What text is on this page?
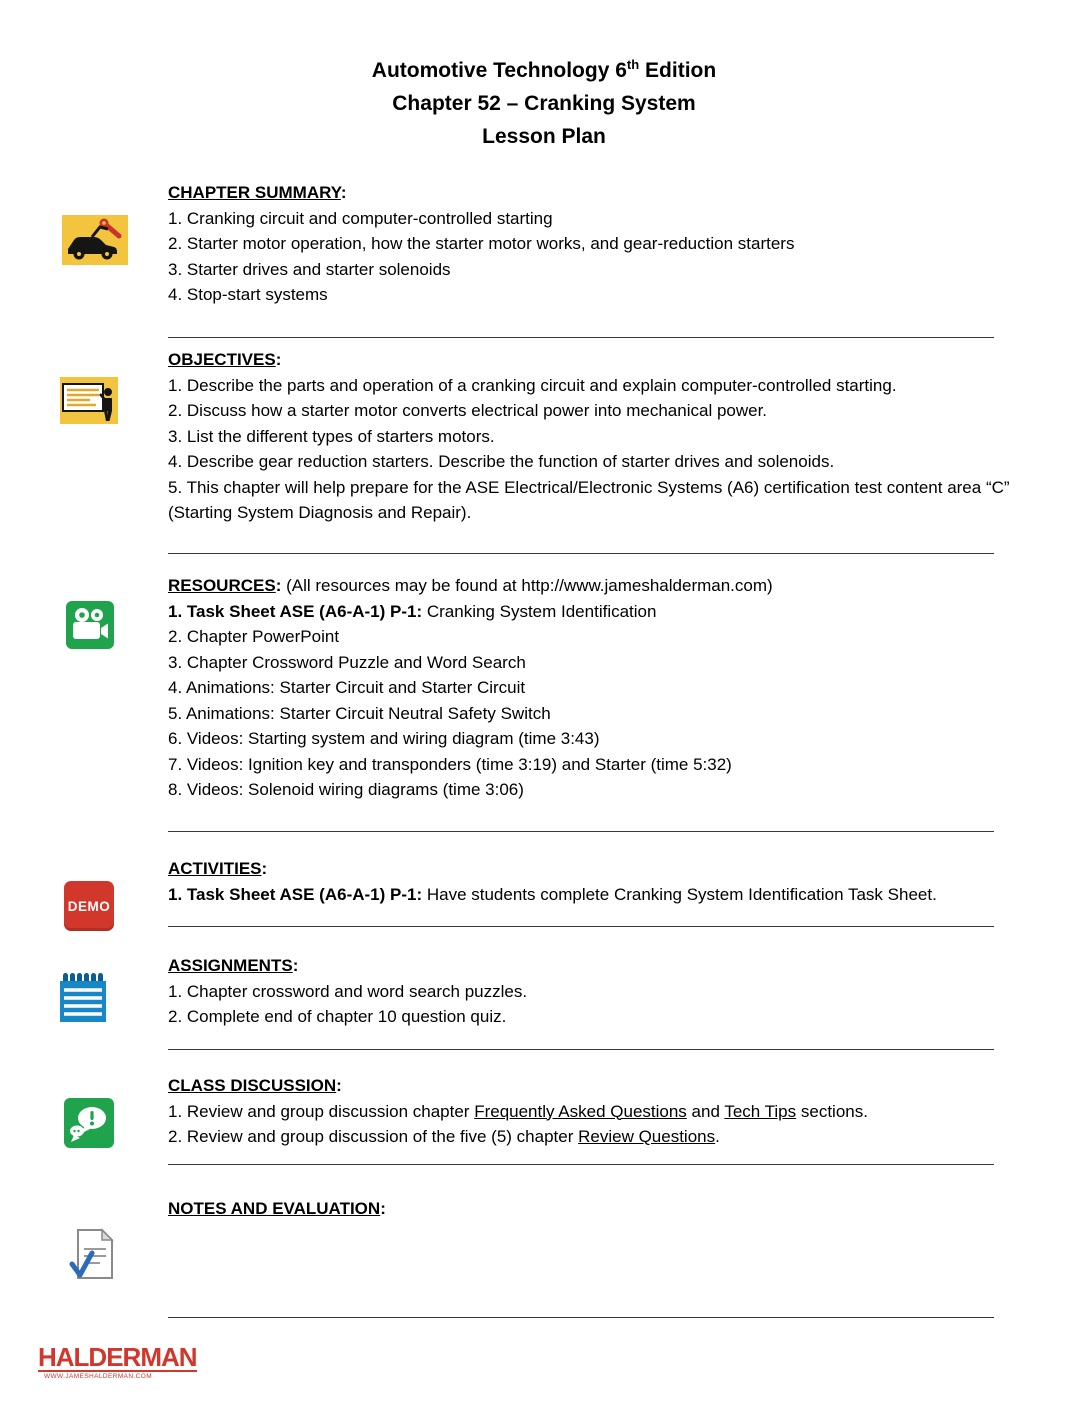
Automotive Technology 6th Edition
Chapter 52 – Cranking System
Lesson Plan
DEMO
CHAPTER SUMMARY:
1. Cranking circuit and computer-controlled starting
2. Starter motor operation, how the starter motor works, and gear-reduction starters
3. Starter drives and starter solenoids
4. Stop-start systems
OBJECTIVES:
1. Describe the parts and operation of a cranking circuit and explain computer-controlled starting.
2. Discuss how a starter motor converts electrical power into mechanical power.
3. List the different types of starters motors.
4. Describe gear reduction starters. Describe the function of starter drives and solenoids.
5. This chapter will help prepare for the ASE Electrical/Electronic Systems (A6) certification test content area “C” (Starting System Diagnosis and Repair).
RESOURCES: (All resources may be found at http://www.jameshalderman.com)
1. Task Sheet ASE (A6-A-1) P-1: Cranking System Identification
2. Chapter PowerPoint
3. Chapter Crossword Puzzle and Word Search
4. Animations: Starter Circuit and Starter Circuit
5. Animations: Starter Circuit Neutral Safety Switch
6. Videos: Starting system and wiring diagram (time 3:43)
7. Videos: Ignition key and transponders (time 3:19) and Starter (time 5:32)
8. Videos: Solenoid wiring diagrams (time 3:06)
ACTIVITIES:
1. Task Sheet ASE (A6-A-1) P-1: Have students complete Cranking System Identification Task Sheet.
ASSIGNMENTS:
1. Chapter crossword and word search puzzles.
2. Complete end of chapter 10 question quiz.
CLASS DISCUSSION:
1. Review and group discussion chapter Frequently Asked Questions and Tech Tips sections.
2. Review and group discussion of the five (5) chapter Review Questions.
NOTES AND EVALUATION:
HALDERMAN
WWW.JAMESHALDERMAN.COM
